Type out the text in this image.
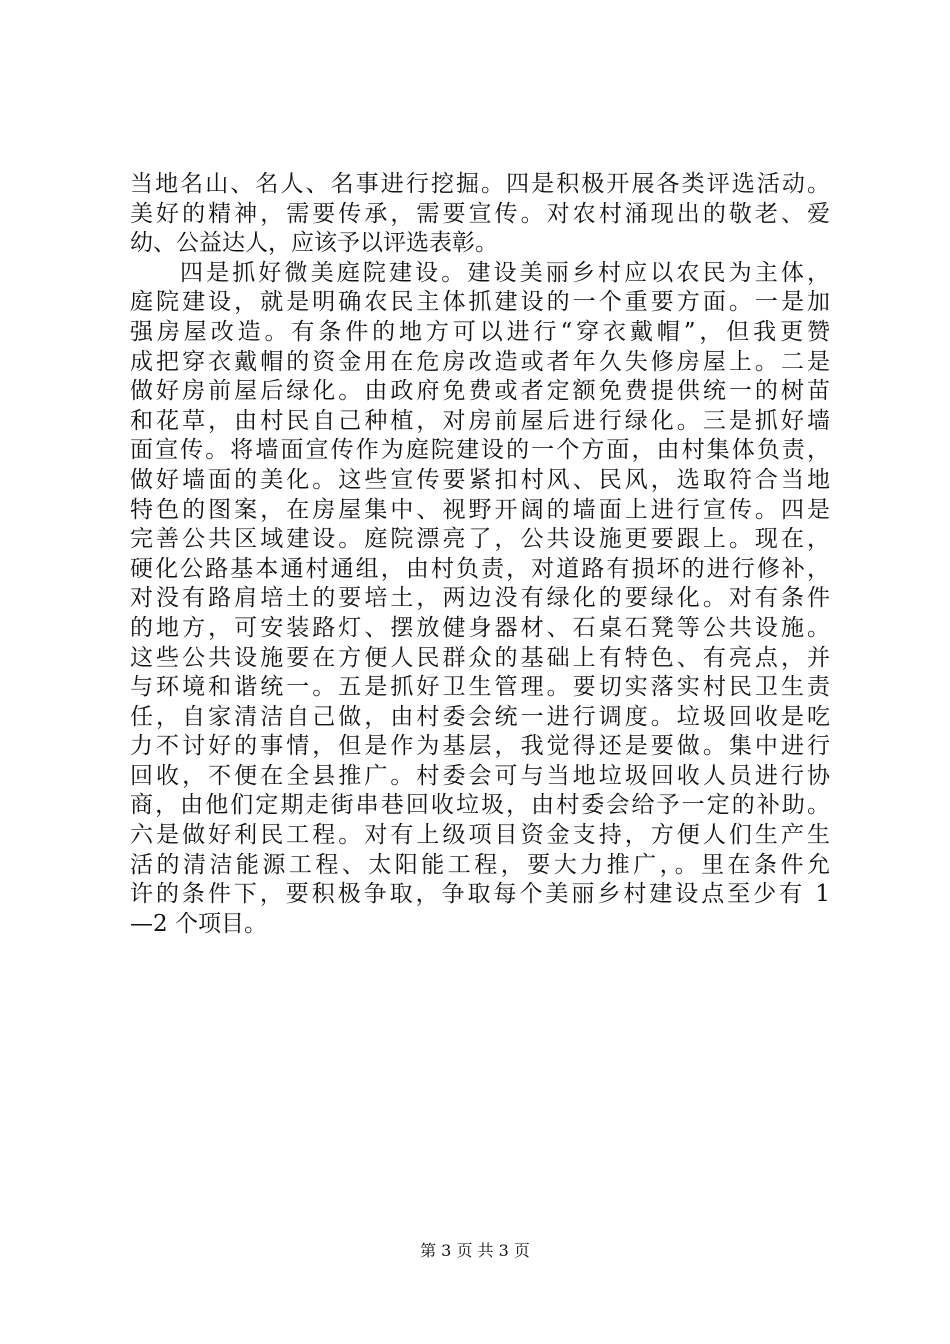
当地名山、名人、名事进行挖掘。四是积极开展各类评选活动。
美好的精神，需要传承，需要宣传。对农村涌现出的敬老、爱
幼、公益达人，应该予以评选表彰。
四是抓好微美庭院建设。建设美丽乡村应以农民为主体，
庭院建设，就是明确农民主体抓建设的一个重要方面。一是加
强房屋改造。有条件的地方可以进行“穿衣戴帽”，但我更赞
成把穿衣戴帽的资金用在危房改造或者年久失修房屋上。二是
做好房前屋后绿化。由政府免费或者定额免费提供统一的树苗
和花草，由村民自己种植，对房前屋后进行绿化。三是抓好墙
面宣传。将墙面宣传作为庭院建设的一个方面，由村集体负责，
做好墙面的美化。这些宣传要紧扣村风、民风，选取符合当地
特色的图案，在房屋集中、视野开阔的墙面上进行宣传。四是
完善公共区域建设。庭院漂亮了，公共设施更要跟上。现在，
硬化公路基本通村通组，由村负责，对道路有损坏的进行修补，
对没有路肩培土的要培土，两边没有绿化的要绿化。对有条件
的地方，可安装路灯、摆放健身器材、石桌石凳等公共设施。
这些公共设施要在方便人民群众的基础上有特色、有亮点，并
与环境和谐统一。五是抓好卫生管理。要切实落实村民卫生责
任，自家清洁自己做，由村委会统一进行调度。垃圾回收是吃
力不讨好的事情，但是作为基层，我觉得还是要做。集中进行
回收，不便在全县推广。村委会可与当地垃圾回收人员进行协
商，由他们定期走街串巷回收垃圾，由村委会给予一定的补助。
六是做好利民工程。对有上级项目资金支持，方便人们生产生
活的清洁能源工程、太阳能工程，要大力推广，。里在条件允
许的条件下，要积极争取，争取每个美丽乡村建设点至少有 1
—2 个项目。
第 3 页 共 3 页
